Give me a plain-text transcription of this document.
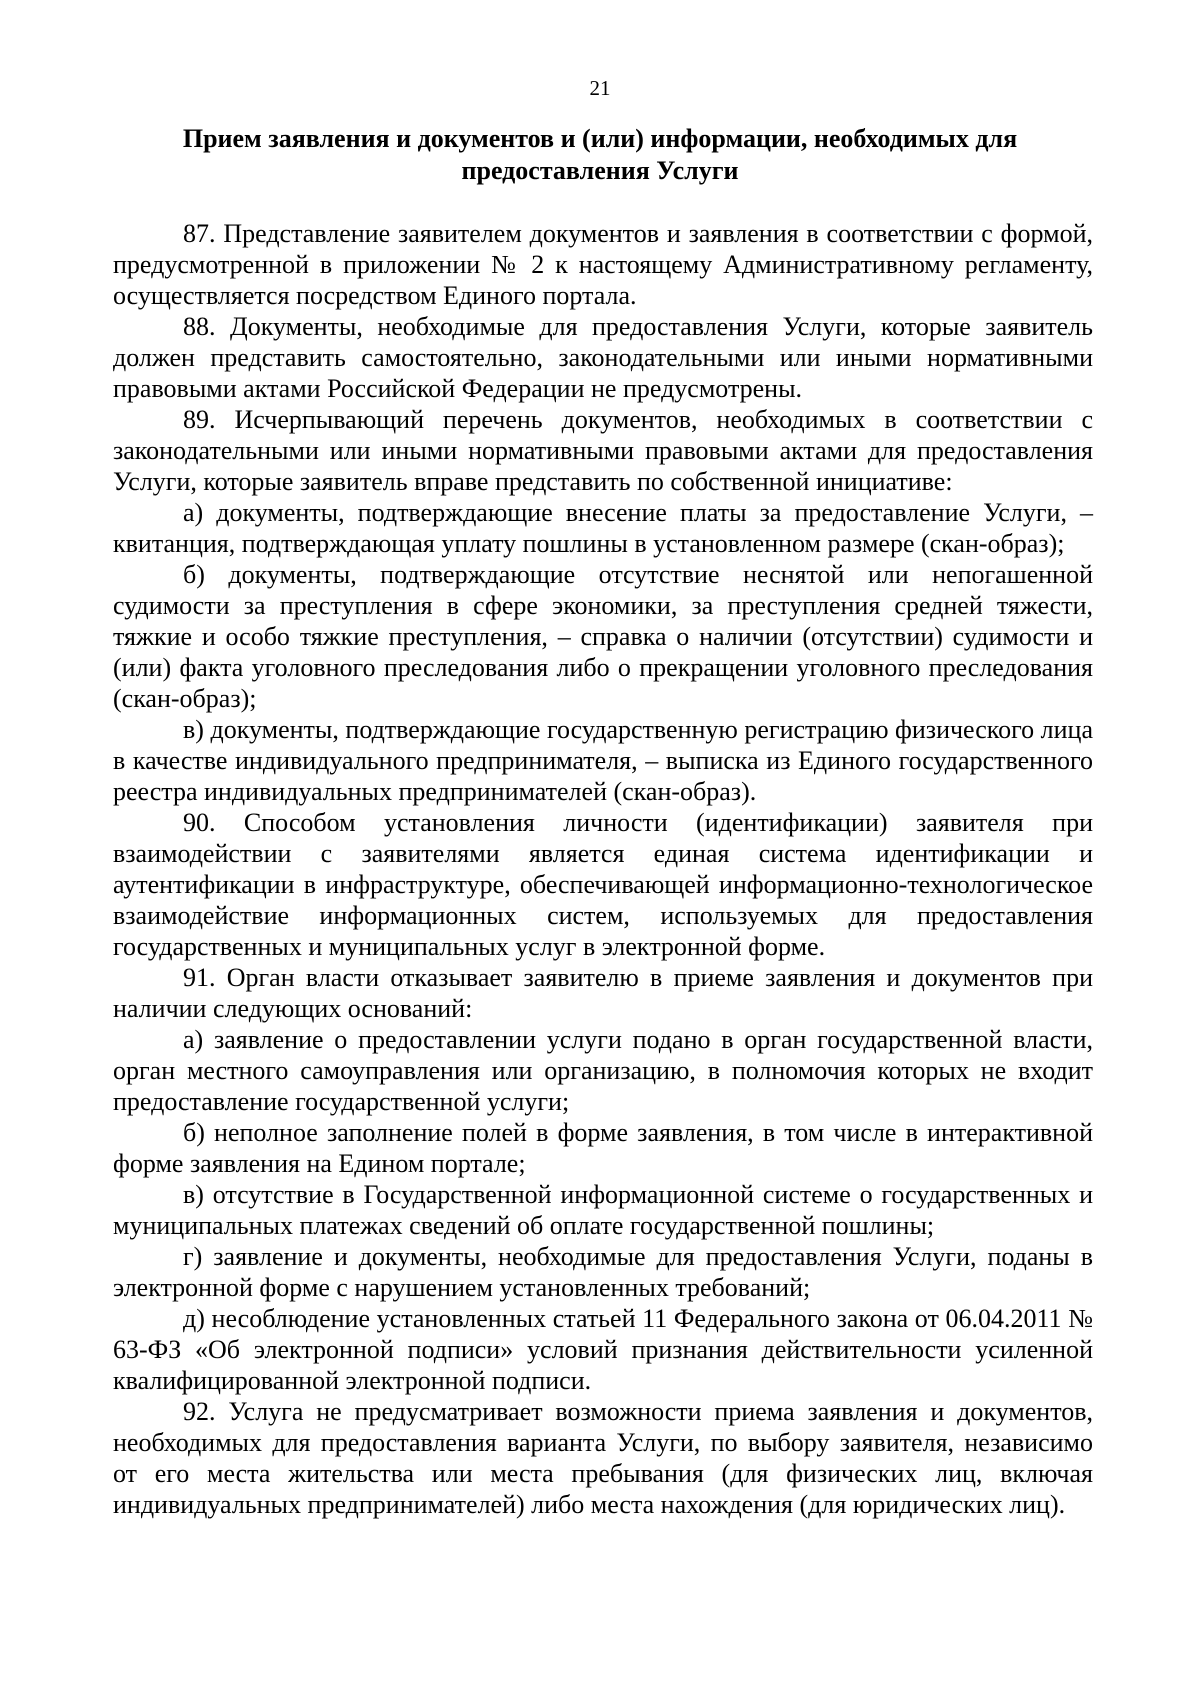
21

Прием заявления и документов и (или) информации, необходимых для
предоставления Услуги

87. Представление заявителем документов и заявления в соответствии с формой, предусмотренной в приложении № 2 к настоящему Административному регламенту, осуществляется посредством Единого портала.

88. Документы, необходимые для предоставления Услуги, которые заявитель должен представить самостоятельно, законодательными или иными нормативными правовыми актами Российской Федерации не предусмотрены.

89. Исчерпывающий перечень документов, необходимых в соответствии с законодательными или иными нормативными правовыми актами для предоставления Услуги, которые заявитель вправе представить по собственной инициативе:

а) документы, подтверждающие внесение платы за предоставление Услуги, – квитанция, подтверждающая уплату пошлины в установленном размере (скан-образ);

б) документы, подтверждающие отсутствие неснятой или непогашенной судимости за преступления в сфере экономики, за преступления средней тяжести, тяжкие и особо тяжкие преступления, – справка о наличии (отсутствии) судимости и (или) факта уголовного преследования либо о прекращении уголовного преследования (скан-образ);

в) документы, подтверждающие государственную регистрацию физического лица в качестве индивидуального предпринимателя, – выписка из Единого государственного реестра индивидуальных предпринимателей (скан-образ).

90. Способом установления личности (идентификации) заявителя при взаимодействии с заявителями является единая система идентификации и аутентификации в инфраструктуре, обеспечивающей информационно-технологическое взаимодействие информационных систем, используемых для предоставления государственных и муниципальных услуг в электронной форме.

91. Орган власти отказывает заявителю в приеме заявления и документов при наличии следующих оснований:

а) заявление о предоставлении услуги подано в орган государственной власти, орган местного самоуправления или организацию, в полномочия которых не входит предоставление государственной услуги;

б) неполное заполнение полей в форме заявления, в том числе в интерактивной форме заявления на Едином портале;

в) отсутствие в Государственной информационной системе о государственных и муниципальных платежах сведений об оплате государственной пошлины;

г) заявление и документы, необходимые для предоставления Услуги, поданы в электронной форме с нарушением установленных требований;

д) несоблюдение установленных статьей 11 Федерального закона от 06.04.2011 № 63-ФЗ «Об электронной подписи» условий признания действительности усиленной квалифицированной электронной подписи.

92. Услуга не предусматривает возможности приема заявления и документов, необходимых для предоставления варианта Услуги, по выбору заявителя, независимо от его места жительства или места пребывания (для физических лиц, включая индивидуальных предпринимателей) либо места нахождения (для юридических лиц).
